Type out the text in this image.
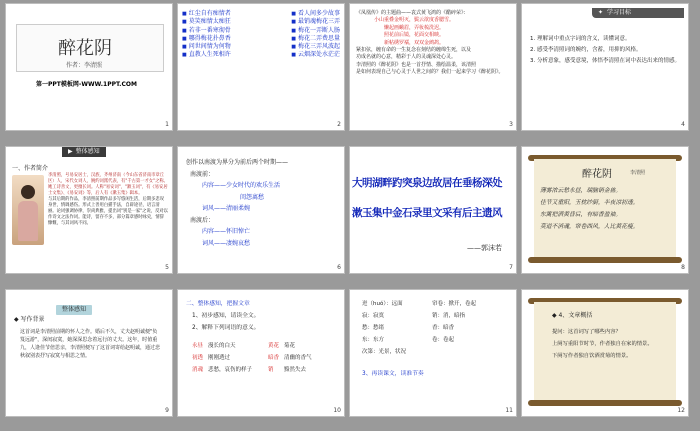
醉花阴
作者：李清照
第一PPT模板网-WWW.1PPT.COM
1
■ 红尘自有痴情者
■ 莫笑痴情太痴狂
■ 若非一番寒彻骨
■ 哪得梅花扑鼻香
■ 问世间情为何物
■ 直教人生死相许
■ 看人间多少故事
■ 最销魂梅花三弄
■ 梅花一弄断人肠
■ 梅花二弄费思量
■ 梅花三弄风波起
■ 云烟深处水茫茫
2
《凤凰传》的主题曲——袁式黄飞鸿的《醋碎荣》：
小山重叠金明灭，鬓云欲度香腮雪。
懒起画蛾眉，弄妆梳洗迟。
照花前后镜，花面交相映。
新帖绣罗襦，双双金鹧鸪。
紧扣弦，缠有命的一生复念在刻结的缠绵生死，以及
功成名就的心意，精彩于人的灵魂深处心灵。
李清照的《醉花阴》也是一首抒情、描绘温柔，该清照
是如何表现自己与心灵于人世之间的？我们一起来学习《醉花阴》。
3
✦ 学习目标
1. 理解词中重点字词的含义，读懂词意。
2. 感受李清照词的婉约，含蓄，用抑的风格。
3. 分析意象，感受意境，体悟李清照在词中表达出来的情感。
4
▶ 整体感知
一、作者简介
李清照，号易安居士，汉族，齐州济南（今山东省济南市章丘区）人，宋代女词人，婉约词派代表，有"千古第一才女"之称。她工诗善文，更擅长词。人称"易安词"，"漱玉词"，有《易安居士文集》、《易安词》等，后人有《漱玉集》辑本。
与其后期的作品，李清照前期作品多写悠闲生活，后期多悲叹身世，情调感伤。形式上善用白描手法，自辟途径，语言清丽。论词强调协律，崇尚典雅，提出词"别是一家"之说，反对以作诗文之法作词。能诗，留存不多，部分篇章感时咏史，情辞慷慨，与其词风不同。
5
创作以南渡为界分为前后两个时期——
南渡前：
内容——少女时代的欢乐生活
闺怨离愁
词风——清丽柔婉
南渡后：
内容——怀旧悼亡
词风——凄婉哀愁
6
大明湖畔趵突泉边故居在垂杨深处
漱玉集中金石录里文采有后主遗风
——郭沫若
7
醉花阴	李清照
薄雾浓云愁永昼，瑞脑销金兽。
佳节又重阳，玉枕纱厨，半夜凉初透。
东篱把酒黄昏后，有暗香盈袖。
莫道不消魂，帘卷西风，人比黄花瘦。
8
整体感知
◆ 写作背景
这首词是李清照前期的怀人之作。婚后不久，丈夫赵明诚便"负笈远游"，深闺寂寞，她深深思念着远行的丈夫。这年，时值重九，人逢佳节倍思亲，李清照便写了这首词寄给赵明诚，通过悲秋叙别表抒写寂寞与相思之情。
9
二、整体感知，把握文章
1、初步感知，请读全文。
2、解释下列词语的意义。
永昼 漫长的白天	黄花 菊花
初透 刚刚透过	暗香 清幽的香气
消魂 悲愁，哀伤的样子	销	黯然失去
10
迸（huǒ）：远面	帘卷：掀开，卷起
寂：寂寞	销：消，暗指
愁：愁绪	香：暗香
东：东方	卷：卷起
次第：光景，状况
3、再读课文，读准节奏
11
◆ 4、文章概括
提问：这首词写了哪些内容？
上阕写重阳节时节，作者独自在家的情景。
下阕写作者独自饮酒赏菊的情景。
12
